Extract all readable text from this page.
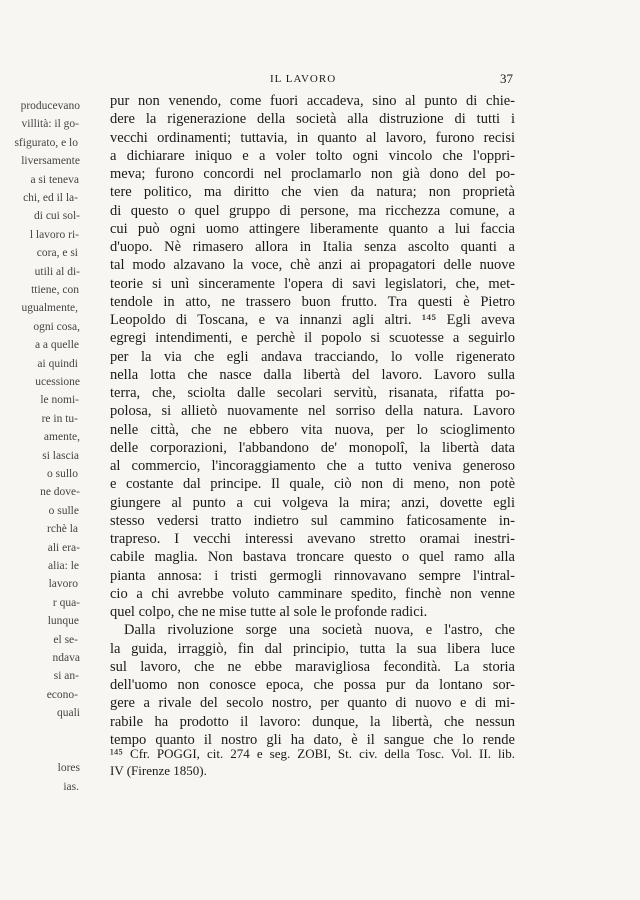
producevano
villità: il go-
sfigurato, e lo
liversamente
a si teneva
chi, ed il la-
di cui sol-
l lavoro ri-
cora, e si
utili al di-
ttiene, con
ugualmente,
ogni cosa,
a a quelle
ai quindi
ucessione
le nomi-
re in tu-
amente,
si lascia
o sullo
ne dove-
o sulle
rchè la
ali era-
alia: le
lavoro
r qua-
lunque
el se-
ndava
si an-
econo-
quali
lores
ias.
IL LAVORO	37
pur non venendo, come fuori accadeva, sino al punto di chie-
dere la rigenerazione della società alla distruzione di tutti i
vecchi ordinamenti; tuttavia, in quanto al lavoro, furono recisi
a dichiarare iniquo e a voler tolto ogni vincolo che l'oppri-
meva; furono concordi nel proclamarlo non già dono del po-
tere politico, ma diritto che vien da natura; non proprietà
di questo o quel gruppo di persone, ma ricchezza comune, a
cui può ogni uomo attingere liberamente quanto a lui faccia
d'uopo. Nè rimasero allora in Italia senza ascolto quanti a
tal modo alzavano la voce, chè anzi ai propagatori delle nuove
teorie si unì sinceramente l'opera di savi legislatori, che, met-
tendole in atto, ne trassero buon frutto. Tra questi è Pietro
Leopoldo di Toscana, e va innanzi agli altri. ¹⁴⁵ Egli aveva
egregi intendimenti, e perchè il popolo si scuotesse a seguirlo
per la via che egli andava tracciando, lo volle rigenerato
nella lotta che nasce dalla libertà del lavoro. Lavoro sulla
terra, che, sciolta dalle secolari servitù, risanata, rifatta po-
polosa, si allietò nuovamente nel sorriso della natura. Lavoro
nelle città, che ne ebbero vita nuova, per lo scioglimento
delle corporazioni, l'abbandono de' monopolî, la libertà data
al commercio, l'incoraggiamento che a tutto veniva generoso
e costante dal principe. Il quale, ciò non di meno, non potè
giungere al punto a cui volgeva la mira; anzi, dovette egli
stesso vedersi tratto indietro sul cammino faticosamente in-
trapreso. I vecchi interessi avevano stretto oramai inestri-
cabile maglia. Non bastava troncare questo o quel ramo alla
pianta annosa: i tristi germogli rinnovavano sempre l'intral-
cio a chi avrebbe voluto camminare spedito, finchè non venne
quel colpo, che ne mise tutte al sole le profonde radici.
Dalla rivoluzione sorge una società nuova, e l'astro, che
la guida, irraggiò, fin dal principio, tutta la sua libera luce
sul lavoro, che ne ebbe maravigliosa fecondità. La storia
dell'uomo non conosce epoca, che possa pur da lontano sor-
gere a rivale del secolo nostro, per quanto di nuovo e di mi-
rabile ha prodotto il lavoro: dunque, la libertà, che nessun
tempo quanto il nostro gli ha dato, è il sangue che lo rende
¹⁴⁵ Cfr. POGGI, cit. 274 e seg. ZOBI, St. civ. della Tosc. Vol. II. lib.
IV (Firenze 1850).
